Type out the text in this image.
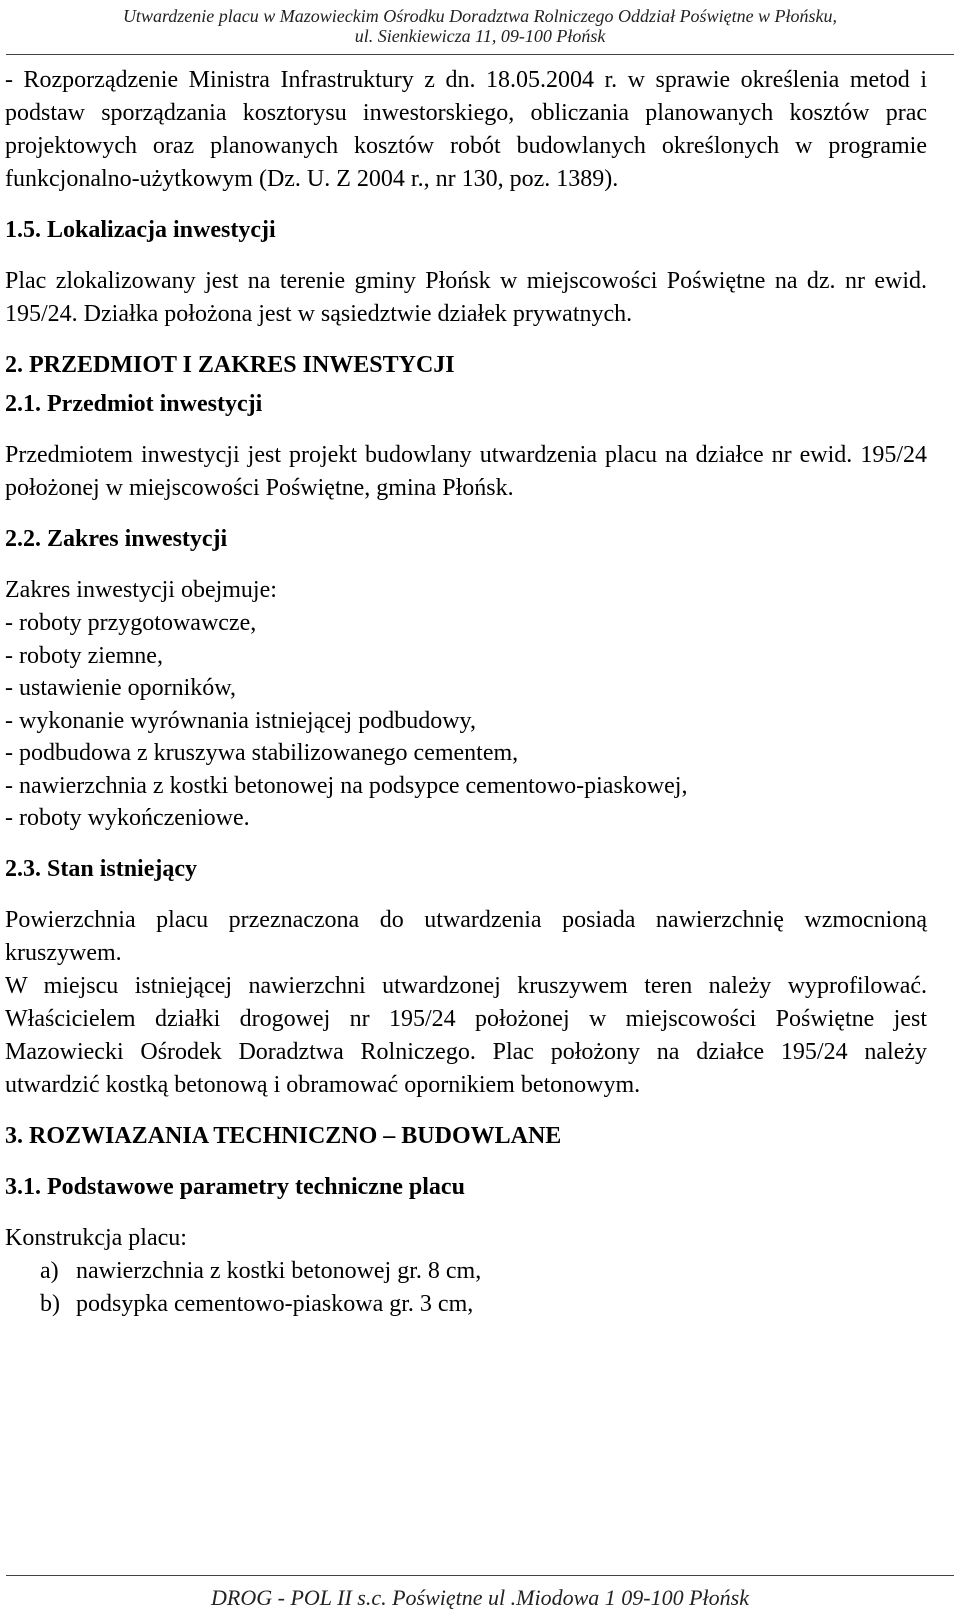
Utwardzenie placu w Mazowieckim Ośrodku Doradztwa Rolniczego Oddział Poświętne w Płońsku,
ul. Sienkiewicza 11, 09-100 Płońsk

- Rozporządzenie Ministra Infrastruktury z dn. 18.05.2004 r. w sprawie określenia metod i podstaw sporządzania kosztorysu inwestorskiego, obliczania planowanych kosztów prac projektowych oraz planowanych kosztów robót budowlanych określonych w programie funkcjonalno-użytkowym (Dz. U. Z 2004 r., nr 130, poz. 1389).

1.5. Lokalizacja inwestycji

Plac zlokalizowany jest na terenie gminy Płońsk w miejscowości Poświętne na dz. nr ewid. 195/24. Działka położona jest w sąsiedztwie działek prywatnych.

2. PRZEDMIOT I ZAKRES INWESTYCJI

2.1. Przedmiot inwestycji

Przedmiotem inwestycji jest projekt budowlany utwardzenia placu na działce nr ewid. 195/24 położonej w miejscowości Poświętne, gmina Płońsk.

2.2. Zakres inwestycji

Zakres inwestycji obejmuje:

- roboty przygotowawcze,
- roboty ziemne,
- ustawienie oporników,
- wykonanie wyrównania istniejącej podbudowy,
- podbudowa z kruszywa stabilizowanego cementem,
- nawierzchnia z kostki betonowej na podsypce cementowo-piaskowej,
- roboty wykończeniowe.

2.3. Stan istniejący

Powierzchnia placu przeznaczona do utwardzenia posiada nawierzchnię wzmocnioną kruszywem.

W miejscu istniejącej nawierzchni utwardzonej kruszywem teren należy wyprofilować. Właścicielem działki drogowej nr 195/24 położonej w miejscowości Poświętne jest Mazowiecki Ośrodek Doradztwa Rolniczego. Plac położony na działce 195/24 należy utwardzić kostką betonową i obramować opornikiem betonowym.

3. ROZWIAZANIA TECHNICZNO – BUDOWLANE

3.1. Podstawowe parametry techniczne placu

Konstrukcja placu:

a) nawierzchnia z kostki betonowej gr. 8 cm,
b) podsypka cementowo-piaskowa gr. 3 cm,
DROG - POL II s.c. Poświętne ul .Miodowa 1 09-100 Płońsk
